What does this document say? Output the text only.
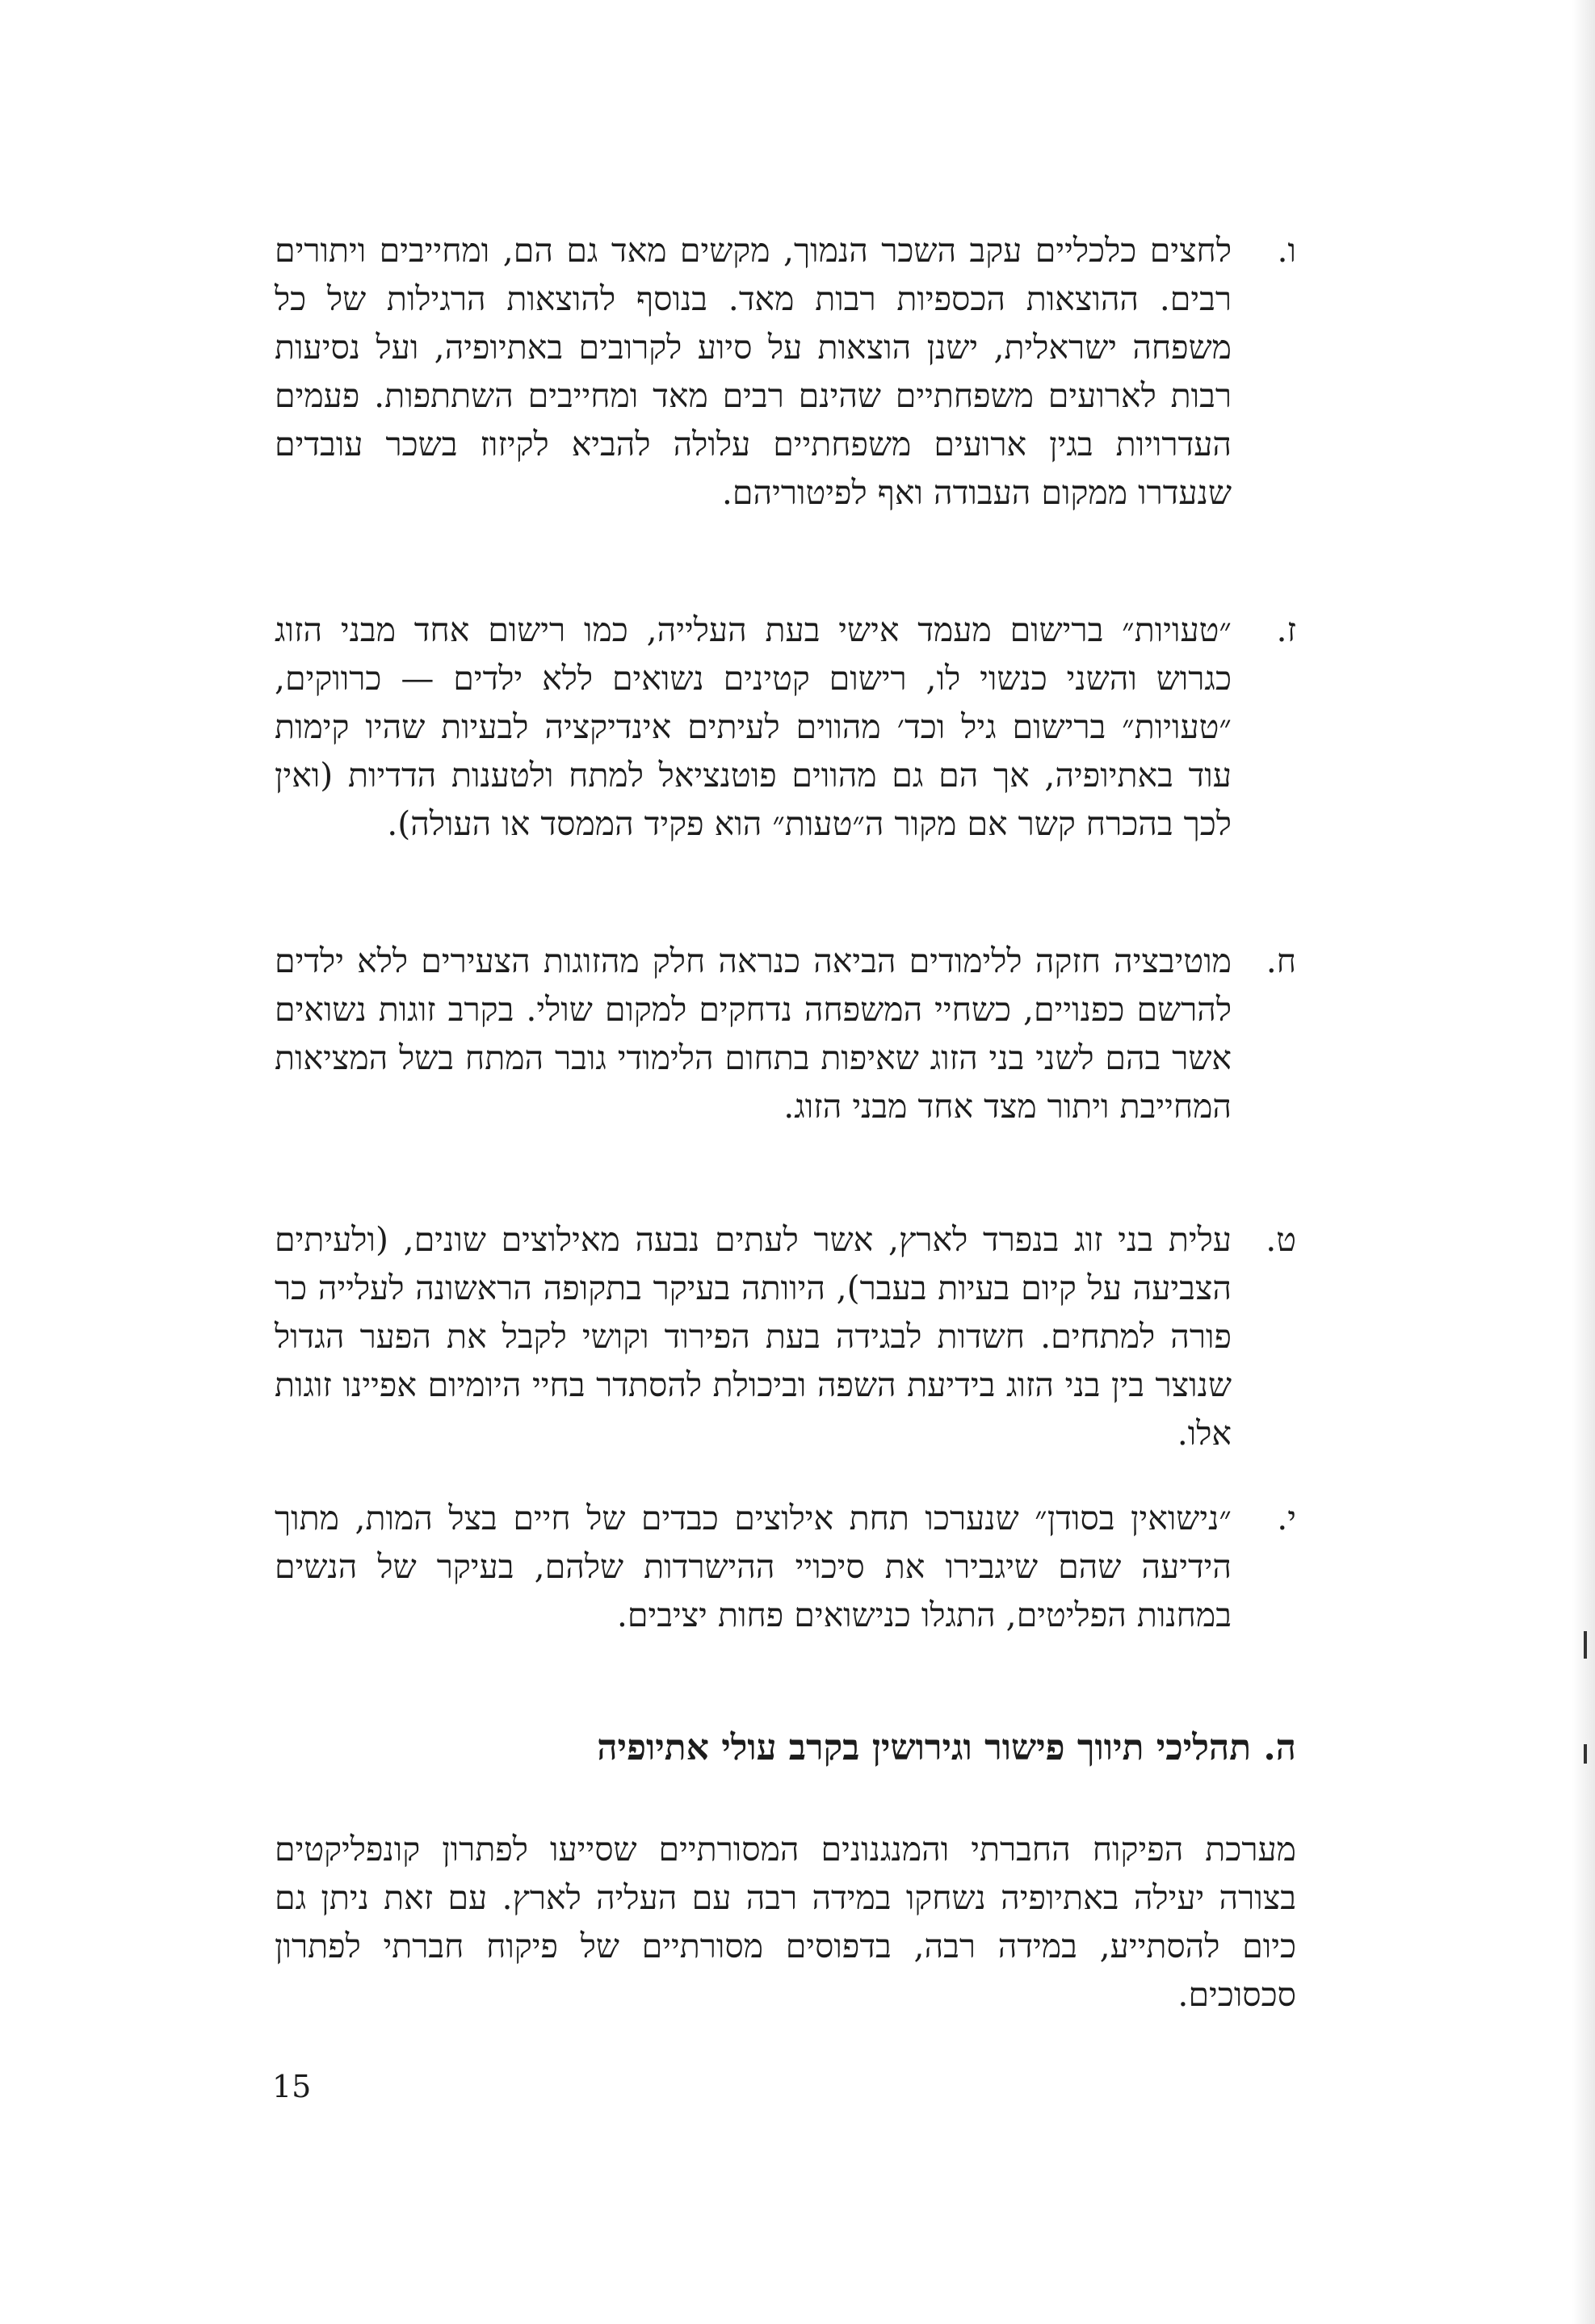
ו.
לחצים כלכליים עקב השכר הנמוך, מקשים מאד גם הם, ומחייבים ויתורים רבים. ההוצאות הכספיות רבות מאד. בנוסף להוצאות הרגילות של כל משפחה ישראלית, ישנן הוצאות על סיוע לקרובים באתיופיה, ועל נסיעות רבות לארועים משפחתיים שהינם רבים מאד ומחייבים השתתפות. פעמים העדרויות בגין ארועים משפחתיים עלולה להביא לקיזוז בשכר עובדים שנעדרו ממקום העבודה ואף לפיטוריהם.
ז.
״טעויות״ ברישום מעמד אישי בעת העלייה, כמו רישום אחד מבני הזוג כגרוש והשני כנשוי לו, רישום קטינים נשואים ללא ילדים — כרווקים, ״טעויות״ ברישום גיל וכד׳ מהווים לעיתים אינדיקציה לבעיות שהיו קימות עוד באתיופיה, אך הם גם מהווים פוטנציאל למתח ולטענות הדדיות (ואין לכך בהכרח קשר אם מקור ה״טעות״ הוא פקיד הממסד או העולה).
ח.
מוטיבציה חזקה ללימודים הביאה כנראה חלק מהזוגות הצעירים ללא ילדים להרשם כפנויים, כשחיי המשפחה נדחקים למקום שולי. בקרב זוגות נשואים אשר בהם לשני בני הזוג שאיפות בתחום הלימודי גובר המתח בשל המציאות המחייבת ויתור מצד אחד מבני הזוג.
ט.
עלית בני זוג בנפרד לארץ, אשר לעתים נבעה מאילוצים שונים, (ולעיתים הצביעה על קיום בעיות בעבר), היוותה בעיקר בתקופה הראשונה לעלייה כר פורה למתחים. חשדות לבגידה בעת הפירוד וקושי לקבל את הפער הגדול שנוצר בין בני הזוג בידיעת השפה וביכולת להסתדר בחיי היומיום אפיינו זוגות אלו.
י.
״נישואין בסודן״ שנערכו תחת אילוצים כבדים של חיים בצל המות, מתוך הידיעה שהם שיגבירו את סיכויי ההישרדות שלהם, בעיקר של הנשים במחנות הפליטים, התגלו כנישואים פחות יציבים.
ה. תהליכי תיווך פישור וגירושין בקרב עולי אתיופיה
מערכת הפיקוח החברתי והמנגנונים המסורתיים שסייעו לפתרון קונפליקטים בצורה יעילה באתיופיה נשחקו במידה רבה עם העליה לארץ. עם זאת ניתן גם כיום להסתייע, במידה רבה, בדפוסים מסורתיים של פיקוח חברתי לפתרון סכסוכים.
15
